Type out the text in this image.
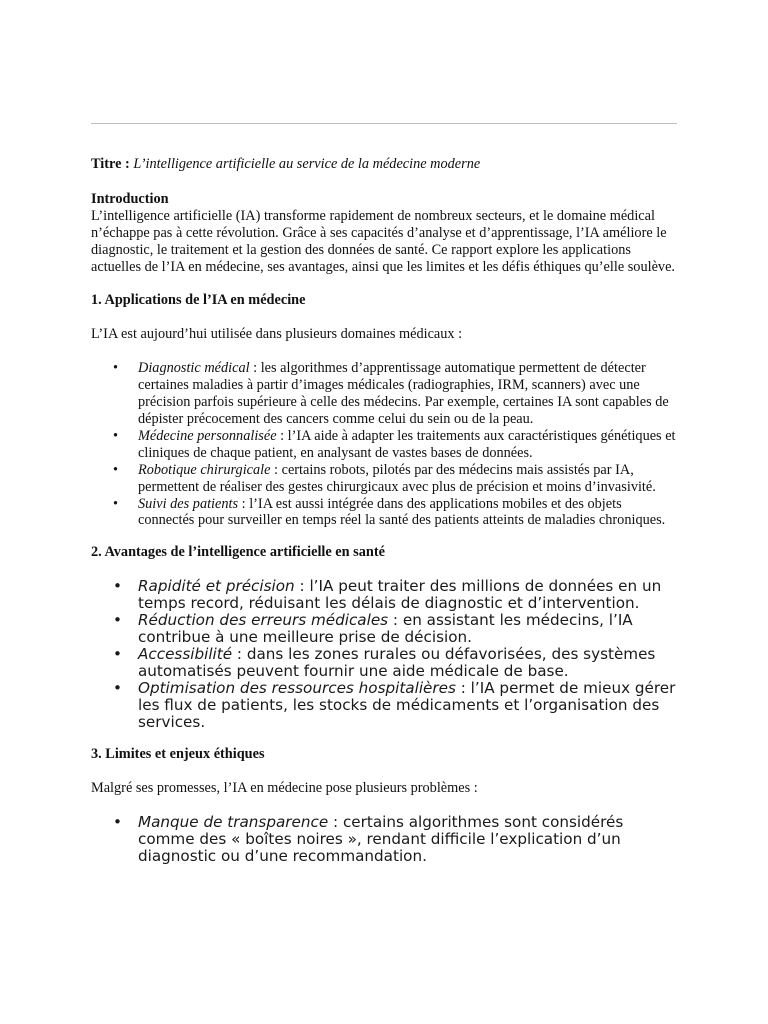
Titre : L’intelligence artificielle au service de la médecine moderne

Introduction

L’intelligence artificielle (IA) transforme rapidement de nombreux secteurs, et le domaine médical n’échappe pas à cette révolution. Grâce à ses capacités d’analyse et d’apprentissage, l’IA améliore le diagnostic, le traitement et la gestion des données de santé. Ce rapport explore les applications actuelles de l’IA en médecine, ses avantages, ainsi que les limites et les défis éthiques qu’elle soulève.

1. Applications de l’IA en médecine

L’IA est aujourd’hui utilisée dans plusieurs domaines médicaux :

• Diagnostic médical : les algorithmes d’apprentissage automatique permettent de détecter certaines maladies à partir d’images médicales (radiographies, IRM, scanners) avec une précision parfois supérieure à celle des médecins. Par exemple, certaines IA sont capables de dépister précocement des cancers comme celui du sein ou de la peau.
• Médecine personnalisée : l’IA aide à adapter les traitements aux caractéristiques génétiques et cliniques de chaque patient, en analysant de vastes bases de données.
• Robotique chirurgicale : certains robots, pilotés par des médecins mais assistés par IA, permettent de réaliser des gestes chirurgicaux avec plus de précision et moins d’invasivité.
• Suivi des patients : l’IA est aussi intégrée dans des applications mobiles et des objets connectés pour surveiller en temps réel la santé des patients atteints de maladies chroniques.

2. Avantages de l’intelligence artificielle en santé

• Rapidité et précision : l’IA peut traiter des millions de données en un temps record, réduisant les délais de diagnostic et d’intervention.
• Réduction des erreurs médicales : en assistant les médecins, l’IA contribue à une meilleure prise de décision.
• Accessibilité : dans les zones rurales ou défavorisées, des systèmes automatisés peuvent fournir une aide médicale de base.
• Optimisation des ressources hospitalières : l’IA permet de mieux gérer les flux de patients, les stocks de médicaments et l’organisation des services.

3. Limites et enjeux éthiques

Malgré ses promesses, l’IA en médecine pose plusieurs problèmes :

• Manque de transparence : certains algorithmes sont considérés comme des « boîtes noires », rendant difficile l’explication d’un diagnostic ou d’une recommandation.
